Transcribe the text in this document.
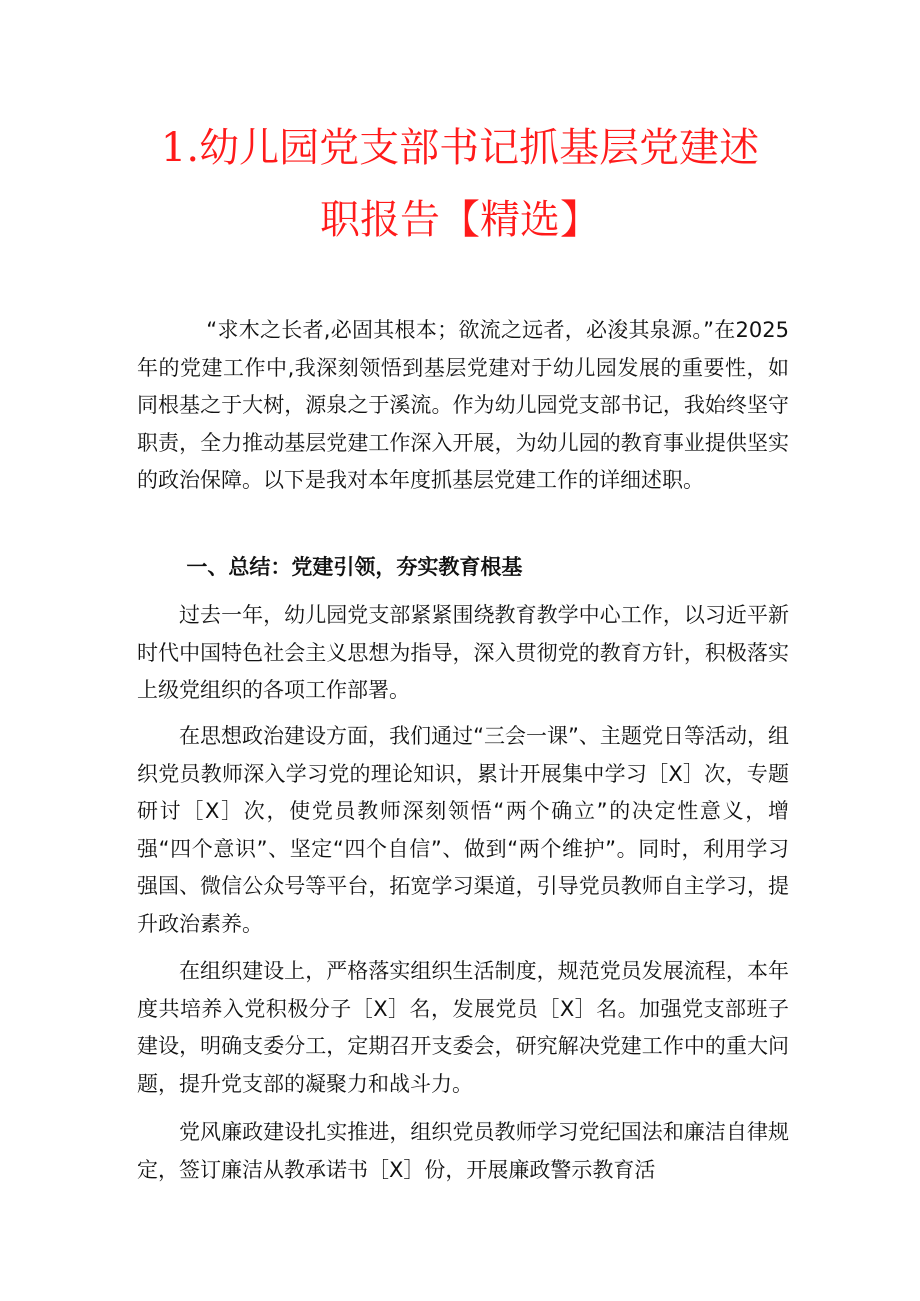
1.幼儿园党支部书记抓基层党建述
职报告【精选】

“求木之长者,必固其根本；欲流之远者，必浚其泉源。”在2025年的党建工作中,我深刻领悟到基层党建对于幼儿园发展的重要性，如同根基之于大树，源泉之于溪流。作为幼儿园党支部书记，我始终坚守职责，全力推动基层党建工作深入开展，为幼儿园的教育事业提供坚实的政治保障。以下是我对本年度抓基层党建工作的详细述职。

一、总结：党建引领，夯实教育根基

过去一年，幼儿园党支部紧紧围绕教育教学中心工作，以习近平新时代中国特色社会主义思想为指导，深入贯彻党的教育方针，积极落实上级党组织的各项工作部署。

在思想政治建设方面，我们通过“三会一课”、主题党日等活动，组织党员教师深入学习党的理论知识，累计开展集中学习［X］次，专题研讨［X］次，使党员教师深刻领悟“两个确立”的决定性意义，增强“四个意识”、坚定“四个自信”、做到“两个维护”。同时，利用学习强国、微信公众号等平台，拓宽学习渠道，引导党员教师自主学习，提升政治素养。

在组织建设上，严格落实组织生活制度，规范党员发展流程，本年度共培养入党积极分子［X］名，发展党员［X］名。加强党支部班子建设，明确支委分工，定期召开支委会，研究解决党建工作中的重大问题，提升党支部的凝聚力和战斗力。

党风廉政建设扎实推进，组织党员教师学习党纪国法和廉洁自律规定，签订廉洁从教承诺书［X］份，开展廉政警示教育活
